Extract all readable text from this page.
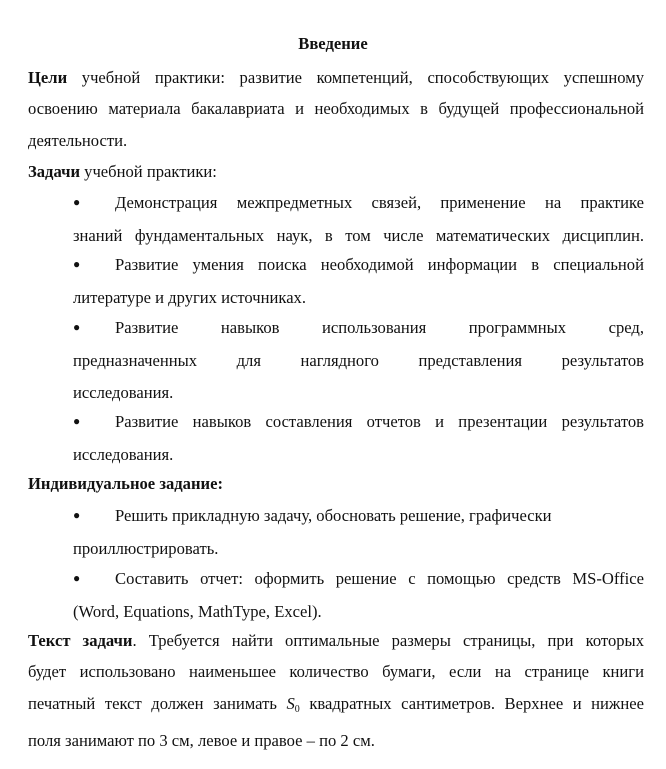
Введение
Цели учебной практики: развитие компетенций, способствующих успешному
освоению материала бакалавриата и необходимых в будущей профессиональной
деятельности.
Задачи учебной практики:
● Демонстрация межпредметных связей, применение на практике
знаний фундаментальных наук, в том числе математических дисциплин.
● Развитие умения поиска необходимой информации в специальной
литературе и других источниках.
● Развитие навыков использования программных сред,
предназначенных для наглядного представления результатов
исследования.
● Развитие навыков составления отчетов и презентации результатов
исследования.
Индивидуальное задание:
● Решить прикладную задачу, обосновать решение, графически
проиллюстрировать.
● Составить отчет: оформить решение с помощью средств MS-Office
(Word, Equations, MathType, Excel).
Текст задачи. Требуется найти оптимальные размеры страницы, при которых
будет использовано наименьшее количество бумаги, если на странице книги
печатный текст должен занимать $S_0$ квадратных сантиметров. Верхнее и нижнее
поля занимают по 3 см, левое и правое – по 2 см.
